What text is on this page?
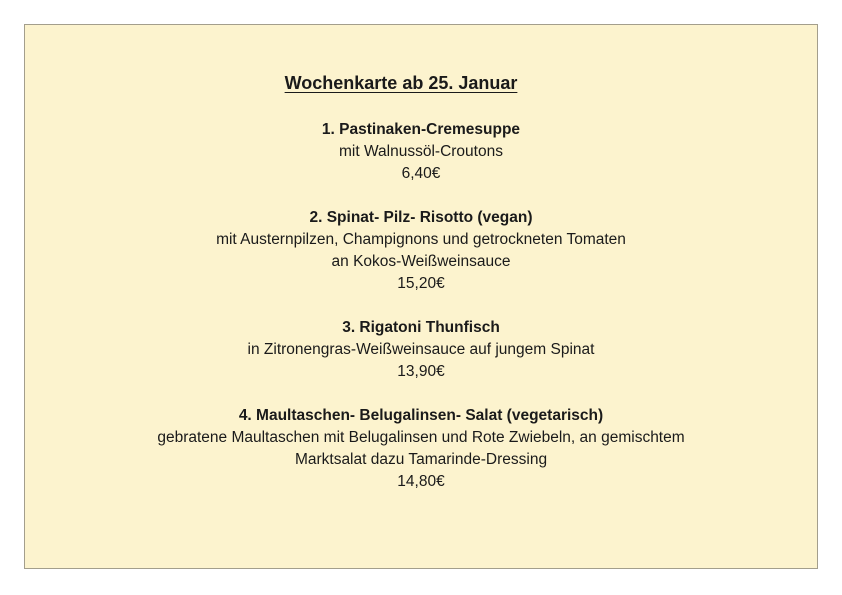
Wochenkarte ab 25. Januar
1. Pastinaken-Cremesuppe
mit Walnussöl-Croutons
6,40€
2. Spinat- Pilz- Risotto (vegan)
mit Austernpilzen, Champignons und getrockneten Tomaten
an Kokos-Weißweinsauce
15,20€
3. Rigatoni Thunfisch
in Zitronengras-Weißweinsauce auf jungem Spinat
13,90€
4. Maultaschen- Belugalinsen- Salat (vegetarisch)
gebratene Maultaschen mit Belugalinsen und Rote Zwiebeln, an gemischtem
Marktsalat dazu Tamarinde-Dressing
14,80€
